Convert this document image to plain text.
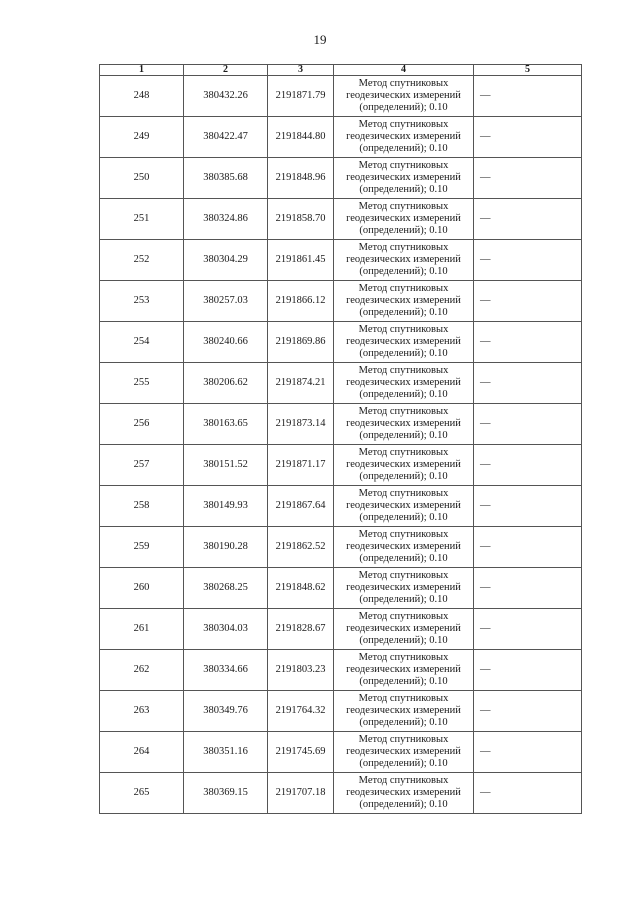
19
1	2	3	4	5
248	380432.26	2191871.79	Метод спутниковых геодезических измерений (определений); 0.10	—
249	380422.47	2191844.80	Метод спутниковых геодезических измерений (определений); 0.10	—
250	380385.68	2191848.96	Метод спутниковых геодезических измерений (определений); 0.10	—
251	380324.86	2191858.70	Метод спутниковых геодезических измерений (определений); 0.10	—
252	380304.29	2191861.45	Метод спутниковых геодезических измерений (определений); 0.10	—
253	380257.03	2191866.12	Метод спутниковых геодезических измерений (определений); 0.10	—
254	380240.66	2191869.86	Метод спутниковых геодезических измерений (определений); 0.10	—
255	380206.62	2191874.21	Метод спутниковых геодезических измерений (определений); 0.10	—
256	380163.65	2191873.14	Метод спутниковых геодезических измерений (определений); 0.10	—
257	380151.52	2191871.17	Метод спутниковых геодезических измерений (определений); 0.10	—
258	380149.93	2191867.64	Метод спутниковых геодезических измерений (определений); 0.10	—
259	380190.28	2191862.52	Метод спутниковых геодезических измерений (определений); 0.10	—
260	380268.25	2191848.62	Метод спутниковых геодезических измерений (определений); 0.10	—
261	380304.03	2191828.67	Метод спутниковых геодезических измерений (определений); 0.10	—
262	380334.66	2191803.23	Метод спутниковых геодезических измерений (определений); 0.10	—
263	380349.76	2191764.32	Метод спутниковых геодезических измерений (определений); 0.10	—
264	380351.16	2191745.69	Метод спутниковых геодезических измерений (определений); 0.10	—
265	380369.15	2191707.18	Метод спутниковых геодезических измерений (определений); 0.10	—
